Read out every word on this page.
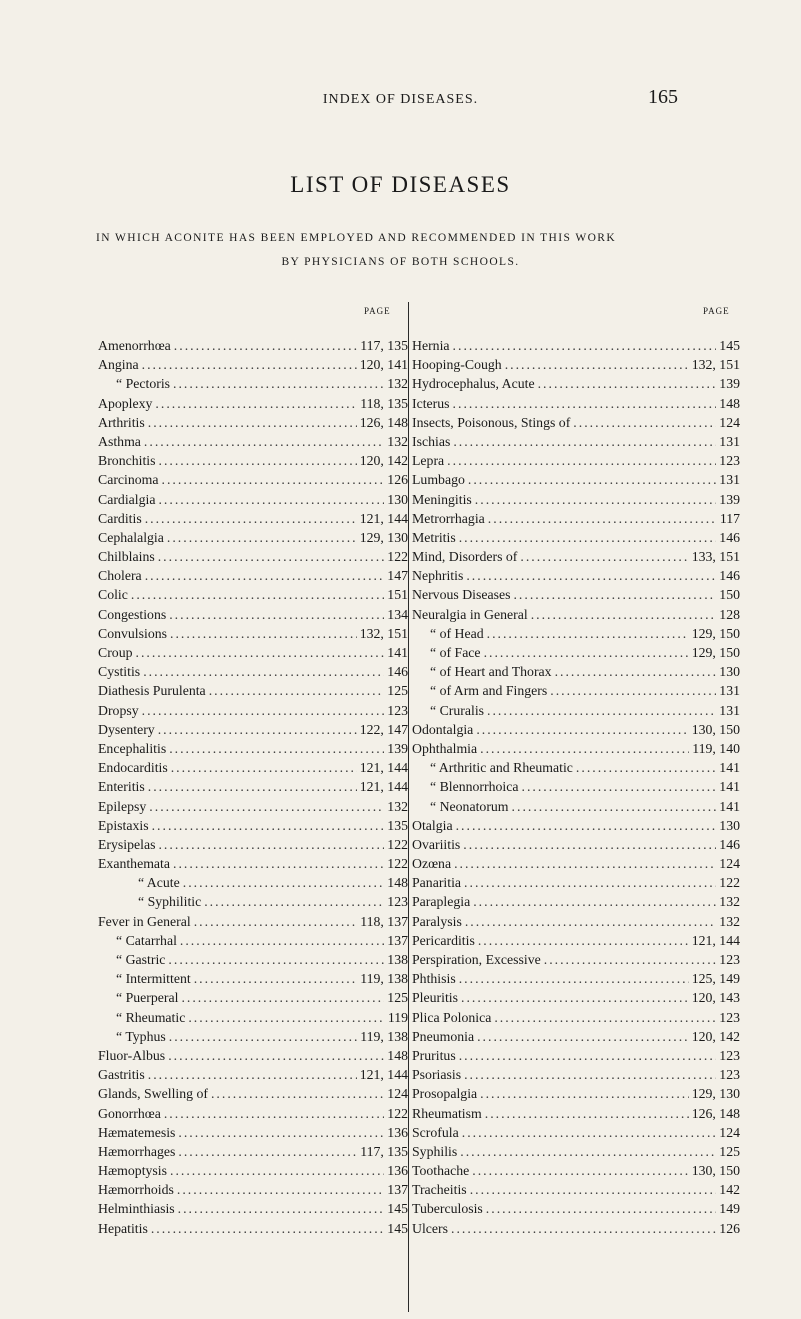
INDEX OF DISEASES.	165
LIST OF DISEASES
IN WHICH ACONITE HAS BEEN EMPLOYED AND RECOMMENDED IN THIS WORK
BY PHYSICIANS OF BOTH SCHOOLS.
PAGE	PAGE
Amenorrhœa .....	117, 135
Angina .....	120, 141
“ Pectoris .....	132
Apoplexy .....	118, 135
Arthritis .....	126, 148
Asthma .....	132
Bronchitis .....	120, 142
Carcinoma .....	126
Cardialgia .....	130
Carditis .....	121, 144
Cephalalgia .....	129, 130
Chilblains .....	122
Cholera .....	147
Colic .....	151
Congestions .....	134
Convulsions .....	132, 151
Croup .....	141
Cystitis .....	146
Diathesis Purulenta .....	125
Dropsy .....	123
Dysentery .....	122, 147
Encephalitis .....	139
Endocarditis .....	121, 144
Enteritis .....	121, 144
Epilepsy .....	132
Epistaxis .....	135
Erysipelas .....	122
Exanthemata .....	122
“ Acute .....	148
“ Syphilitic .....	123
Fever in General .....	118, 137
“ Catarrhal .....	137
“ Gastric .....	138
“ Intermittent .....	119, 138
“ Puerperal .....	125
“ Rheumatic .....	119
“ Typhus .....	119, 138
Fluor-Albus .....	148
Gastritis .....	121, 144
Glands, Swelling of .....	124
Gonorrhœa .....	122
Hæmatemesis .....	136
Hæmorrhages .....	117, 135
Hæmoptysis .....	136
Hæmorrhoids .....	137
Helminthiasis .....	145
Hepatitis .....	145
Hernia .....	145
Hooping-Cough .....	132, 151
Hydrocephalus, Acute .....	139
Icterus .....	148
Insects, Poisonous, Stings of .....	124
Ischias .....	131
Lepra .....	123
Lumbago .....	131
Meningitis .....	139
Metrorrhagia .....	117
Metritis .....	146
Mind, Disorders of .....	133, 151
Nephritis .....	146
Nervous Diseases .....	150
Neuralgia in General .....	128
“ of Head .....	129, 150
“ of Face .....	129, 150
“ of Heart and Thorax .....	130
“ of Arm and Fingers .....	131
“ Cruralis .....	131
Odontalgia .....	130, 150
Ophthalmia .....	119, 140
“ Arthritic and Rheumatic .....	141
“ Blennorrhoica .....	141
“ Neonatorum .....	141
Otalgia .....	130
Ovariitis .....	146
Ozœna .....	124
Panaritia .....	122
Paraplegia .....	132
Paralysis .....	132
Pericarditis .....	121, 144
Perspiration, Excessive .....	123
Phthisis .....	125, 149
Pleuritis .....	120, 143
Plica Polonica .....	123
Pneumonia .....	120, 142
Pruritus .....	123
Psoriasis .....	123
Prosopalgia .....	129, 130
Rheumatism .....	126, 148
Scrofula .....	124
Syphilis .....	125
Toothache .....	130, 150
Tracheitis .....	142
Tuberculosis .....	149
Ulcers .....	126
